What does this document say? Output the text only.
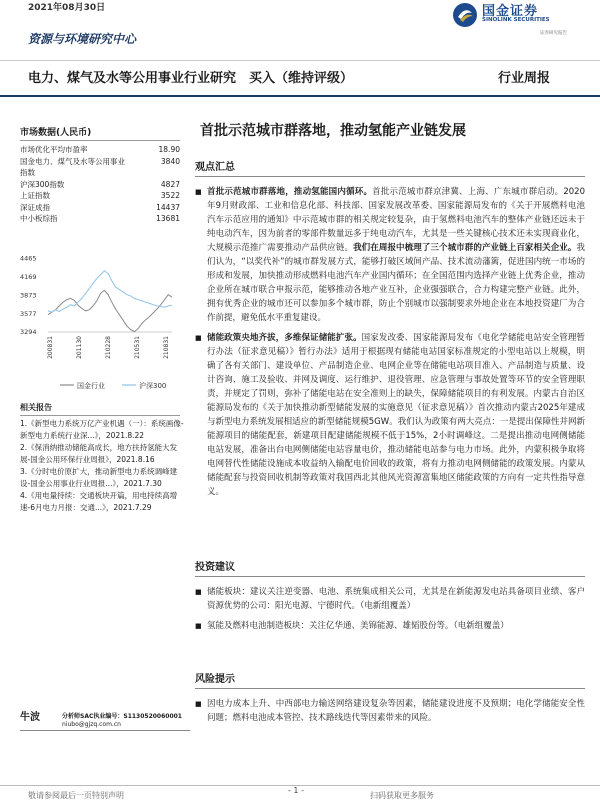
2021年08月30日	国金证券
SINOLINK SECURITIES
证券研究报告
资源与环境研究中心
电力、煤气及水等公用事业行业研究　买入（维持评级）	行业周报
市场数据(人民币)
市场优化平均市盈率	18.90
国金电力、煤气及水等公用事业指数
3840
沪深300指数	4827
上证指数	3522
深证成指	14437
中小板综指	13681
4465
4169
3873
3577
3294
200831	201130	210228	210531	210831
国金行业	沪深300
相关报告

1.《新型电力系统万亿产业机遇（一）：系统画像-新型电力系统行业深...》，2021.8.22

2.《保消纳推动储能高成长，地方扶持氢能大发展-国金公用环保行业周报》，2021.8.16

3.《分时电价原扩大，推动新型电力系统调峰建设-国金公用事业行业周报...》，2021.7.30

4.《用电量持续：交通板块开篇，用电持续高增速-6月电力月报：交通...》，2021.7.29

牛波	分析师SAC执业编号：S1130520060001
niubo@gjzq.com.cn
首批示范城市群落地，推动氢能产业链发展
观点汇总
■ 首批示范城市群落地，推动氢能国内循环。首批示范城市群京津冀、上海、广东城市群启动。2020年9月财政部、工业和信息化部、科技部、国家发展改革委、国家能源局发布的《关于开展燃料电池汽车示范应用的通知》中示范城市群的相关规定较复杂，由于氢燃料电池汽车的整体产业链还远未于纯电动汽车，因为前者的零部件数量远多于纯电动汽车，尤其是一些关键核心技术还未实现商业化，大规模示范推广需要推动产品供应链。我们在周报中梳理了三个城市群的产业链上百家相关企业。我们认为，“以奖代补”的城市群发展方式，能够打破区域间产品、技术流动藩篱，促进国内统一市场的形成和发展，加快推动形成燃料电池汽车产业国内循环；在全国范围内选择产业链上优秀企业，推动企业所在城市联合申报示范，能够推动各地产业互补，企业强强联合，合力构建完整产业链。此外，拥有优秀企业的城市还可以参加多个城市群，防止个别城市以强制要求外地企业在本地投资建厂为合作前提，避免低水平重复建设。
■ 储能政策央地齐拔，多维保证储能扩张。国家发改委、国家能源局发布《电化学储能电站安全管理暂行办法（征求意见稿）》暂行办法》适用于根据现有储能电站国家标准规定的小型电站以上规模，明确了各有关部门、建设单位、产品制造企业、电网企业等在储能电站项目准入、产品制造与质量、设计咨询、施工及验收、并网及调度、运行维护、退役管理、应急管理与事故处置等环节的安全管理职责，并规定了罚则，弥补了储能电站在安全准则上的缺失，保障储能项目的有利发展。内蒙古自治区能源局发布的《关于加快推动新型储能发展的实施意见（征求意见稿）》首次推动内蒙古2025年建成与新型电力系统发展相适应的新型储能规模5GW。我们认为政策有两大亮点：一是提出保障性并网新能源项目的储能配套，新建项目配建储能规模不低于15%，2小时调峰这。二是提出推动电网侧储能电站发展，准备出台电网侧储能电站容量电价，推动储能电站参与电力市场。此外，内蒙积极争取将电网替代性储能设施成本收益纳入输配电价回收的政策，将有力推动电网侧储能的政策发展。内蒙从储能配套与投资回收机制等政策对我国西北其他风光资源富集地区储能政策的方向有一定共性指导意义。
投资建议
■ 储能板块：建议关注逆变器、电池、系统集成相关公司，尤其是在新能源发电站具备项目业绩、客户资源优势的公司：阳光电源、宁德时代。（电新组覆盖）
■ 氢能及燃料电池制造板块：关注亿华通、美锦能源、雄韬股份等。（电新组覆盖）
风险提示
■ 因电力成本上升、中西部电力输送网络建设复杂等因素，储能建设进度不及预期；电化学储能安全性问题；燃料电池成本管控、技术路线迭代等因素带来的风险。
敬请参阅最后一页特别声明
- 1 -
扫码获取更多服务
